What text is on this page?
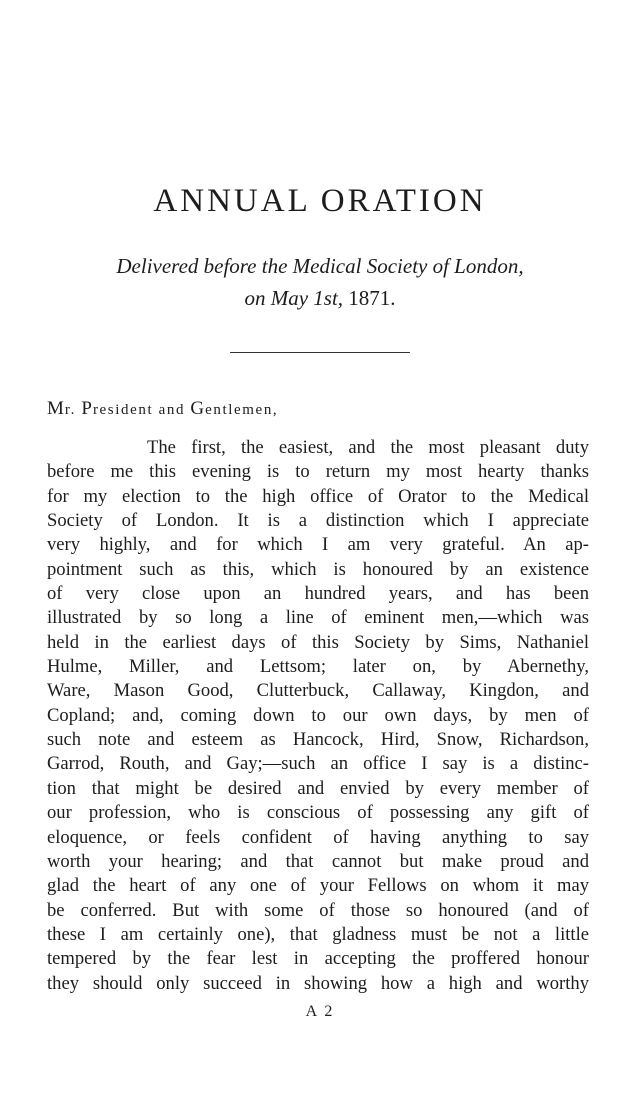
ANNUAL ORATION
Delivered before the Medical Society of London,
on May 1st, 1871.
Mr. President and Gentlemen,
The first, the easiest, and the most pleasant duty
before me this evening is to return my most hearty thanks
for my election to the high office of Orator to the Medical
Society of London. It is a distinction which I appreciate
very highly, and for which I am very grateful. An ap-
pointment such as this, which is honoured by an existence
of very close upon an hundred years, and has been
illustrated by so long a line of eminent men,—which was
held in the earliest days of this Society by Sims, Nathaniel
Hulme, Miller, and Lettsom; later on, by Abernethy,
Ware, Mason Good, Clutterbuck, Callaway, Kingdon, and
Copland; and, coming down to our own days, by men of
such note and esteem as Hancock, Hird, Snow, Richardson,
Garrod, Routh, and Gay;—such an office I say is a distinc-
tion that might be desired and envied by every member of
our profession, who is conscious of possessing any gift of
eloquence, or feels confident of having anything to say
worth your hearing; and that cannot but make proud and
glad the heart of any one of your Fellows on whom it may
be conferred. But with some of those so honoured (and of
these I am certainly one), that gladness must be not a little
tempered by the fear lest in accepting the proffered honour
they should only succeed in showing how a high and worthy
A 2
